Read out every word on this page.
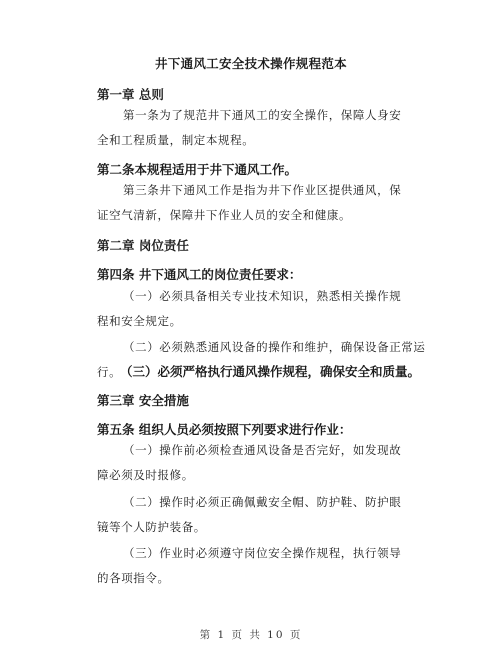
井下通风工安全技术操作规程范本
第一章 总则
第一条为了规范井下通风工的安全操作，保障人身安全和工程质量，制定本规程。
第二条本规程适用于井下通风工作。
第三条井下通风工作是指为井下作业区提供通风，保证空气清新，保障井下作业人员的安全和健康。
第二章 岗位责任
第四条 井下通风工的岗位责任要求：
（一）必须具备相关专业技术知识，熟悉相关操作规程和安全规定。
（二）必须熟悉通风设备的操作和维护，确保设备正常运行。
（三）必须严格执行通风操作规程，确保安全和质量。
第三章 安全措施
第五条 组织人员必须按照下列要求进行作业：
（一）操作前必须检查通风设备是否完好，如发现故障必须及时报修。
（二）操作时必须正确佩戴安全帽、防护鞋、防护眼镜等个人防护装备。
（三）作业时必须遵守岗位安全操作规程，执行领导的各项指令。
第 1 页 共 10 页
